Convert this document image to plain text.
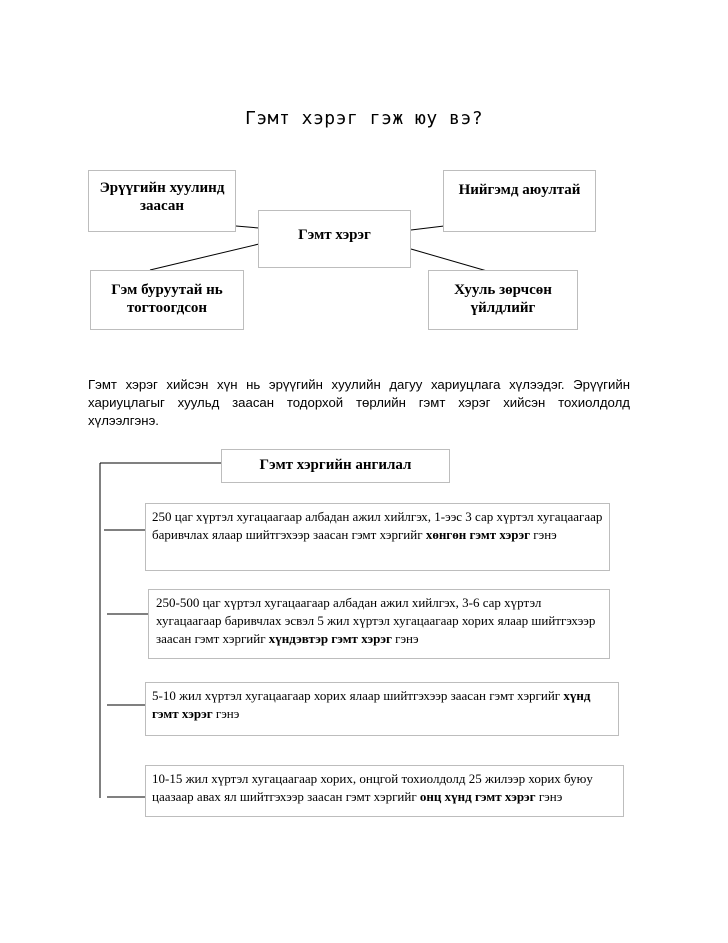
Гэмт хэрэг гэж юу вэ?
Эрүүгийн хуулинд заасан
Нийгэмд аюултай
Гэмт хэрэг
Гэм буруутай нь тогтоогдсон
Хууль зөрчсөн үйлдлийг
Гэмт хэрэг хийсэн хүн нь эрүүгийн хуулийн дагуу хариуцлага хүлээдэг. Эрүүгийн хариуцлагыг хуульд заасан тодорхой төрлийн гэмт хэрэг хийсэн тохиолдолд хүлээлгэнэ.
Гэмт хэргийн ангилал
250 цаг хүртэл хугацаагаар албадан ажил хийлгэх, 1-ээс 3 сар хүртэл хугацаагаар баривчлах ялаар шийтгэхээр заасан гэмт хэргийг хөнгөн гэмт хэрэг гэнэ
250-500 цаг хүртэл хугацаагаар албадан ажил хийлгэх, 3-6 сар хүртэл хугацаагаар баривчлах эсвэл 5 жил хүртэл хугацаагаар хорих ялаар шийтгэхээр заасан гэмт хэргийг хүндэвтэр гэмт хэрэг гэнэ
5-10 жил хүртэл хугацаагаар хорих ялаар шийтгэхээр заасан гэмт хэргийг хүнд гэмт хэрэг гэнэ
10-15 жил хүртэл хугацаагаар хорих, онцгой тохиолдолд 25 жилээр хорих буюу цаазаар авах ял шийтгэхээр заасан гэмт хэргийг онц хүнд гэмт хэрэг гэнэ
